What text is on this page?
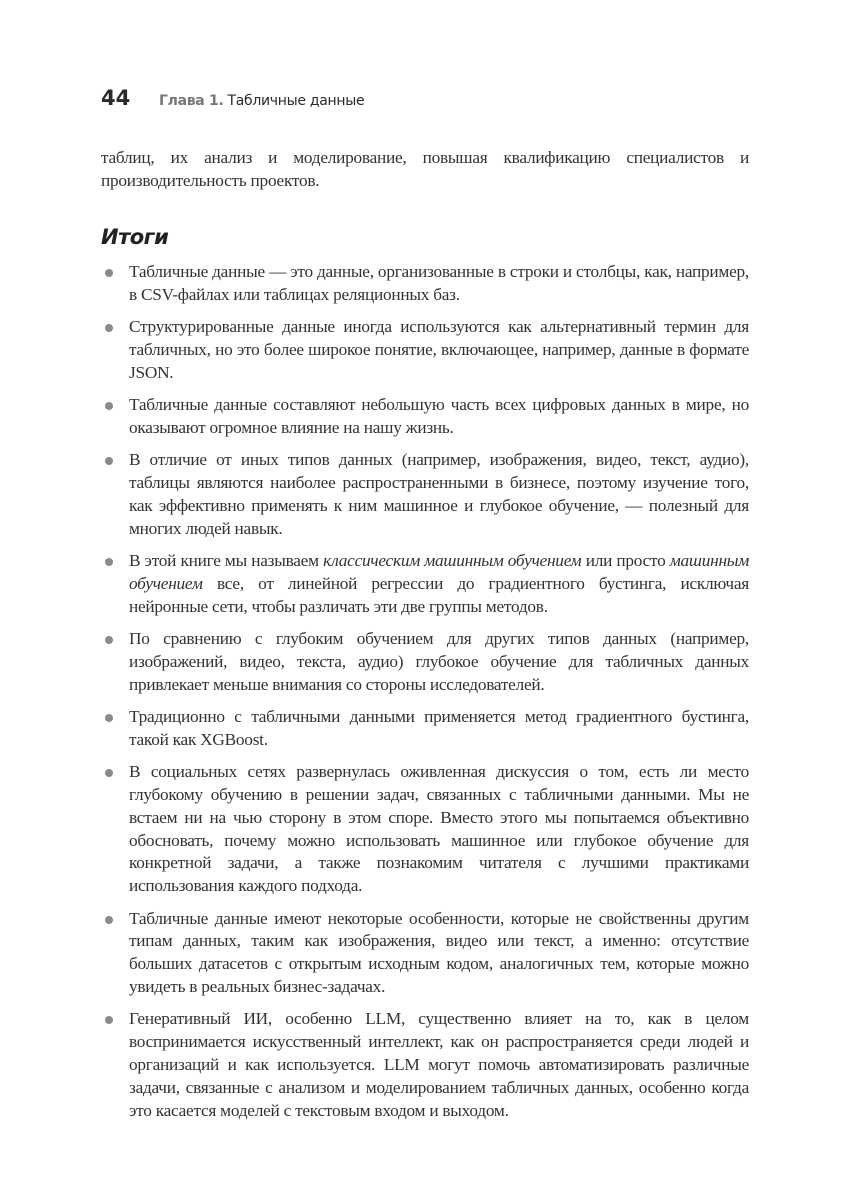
44	Глава 1. Табличные данные

таблиц, их анализ и моделирование, повышая квалификацию специалистов и производительность проектов.

Итоги
Табличные данные — это данные, организованные в строки и столбцы, как, например, в CSV-файлах или таблицах реляционных баз.
Структурированные данные иногда используются как альтернативный термин для табличных, но это более широкое понятие, включающее, например, данные в формате JSON.
Табличные данные составляют небольшую часть всех цифровых данных в мире, но оказывают огромное влияние на нашу жизнь.
В отличие от иных типов данных (например, изображения, видео, текст, аудио), таблицы являются наиболее распространенными в бизнесе, поэтому изучение того, как эффективно применять к ним машинное и глубокое обучение, — полезный для многих людей навык.
В этой книге мы называем классическим машинным обучением или просто машинным обучением все, от линейной регрессии до градиентного бустинга, исключая нейронные сети, чтобы различать эти две группы методов.
По сравнению с глубоким обучением для других типов данных (например, изображений, видео, текста, аудио) глубокое обучение для табличных данных привлекает меньше внимания со стороны исследователей.
Традиционно с табличными данными применяется метод градиентного бустинга, такой как XGBoost.
В социальных сетях развернулась оживленная дискуссия о том, есть ли место глубокому обучению в решении задач, связанных с табличными данными. Мы не встаем ни на чью сторону в этом споре. Вместо этого мы попытаемся объективно обосновать, почему можно использовать машинное или глубокое обучение для конкретной задачи, а также познакомим читателя с лучшими практиками использования каждого подхода.
Табличные данные имеют некоторые особенности, которые не свойственны другим типам данных, таким как изображения, видео или текст, а именно: отсутствие больших датасетов с открытым исходным кодом, аналогичных тем, которые можно увидеть в реальных бизнес-задачах.
Генеративный ИИ, особенно LLM, существенно влияет на то, как в целом воспринимается искусственный интеллект, как он распространяется среди людей и организаций и как используется. LLM могут помочь автоматизировать различные задачи, связанные с анализом и моделированием табличных данных, особенно когда это касается моделей с текстовым входом и выходом.
